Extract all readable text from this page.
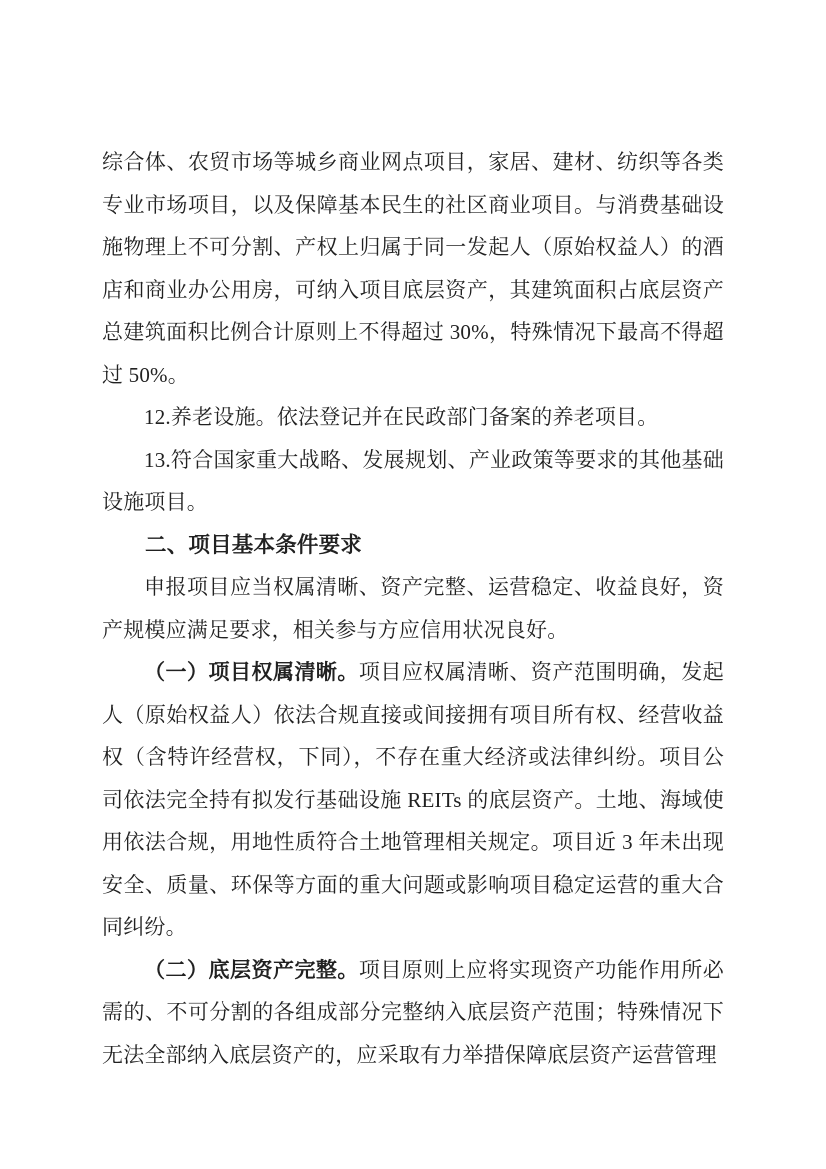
综合体、农贸市场等城乡商业网点项目，家居、建材、纺织等各类专业市场项目，以及保障基本民生的社区商业项目。与消费基础设施物理上不可分割、产权上归属于同一发起人（原始权益人）的酒店和商业办公用房，可纳入项目底层资产，其建筑面积占底层资产总建筑面积比例合计原则上不得超过 30%，特殊情况下最高不得超过 50%。

12.养老设施。依法登记并在民政部门备案的养老项目。

13.符合国家重大战略、发展规划、产业政策等要求的其他基础设施项目。

二、项目基本条件要求

申报项目应当权属清晰、资产完整、运营稳定、收益良好，资产规模应满足要求，相关参与方应信用状况良好。

（一）项目权属清晰。项目应权属清晰、资产范围明确，发起人（原始权益人）依法合规直接或间接拥有项目所有权、经营收益权（含特许经营权，下同），不存在重大经济或法律纠纷。项目公司依法完全持有拟发行基础设施 REITs 的底层资产。土地、海域使用依法合规，用地性质符合土地管理相关规定。项目近 3 年未出现安全、质量、环保等方面的重大问题或影响项目稳定运营的重大合同纠纷。

（二）底层资产完整。项目原则上应将实现资产功能作用所必需的、不可分割的各组成部分完整纳入底层资产范围；特殊情况下无法全部纳入底层资产的，应采取有力举措保障底层资产运营管理
